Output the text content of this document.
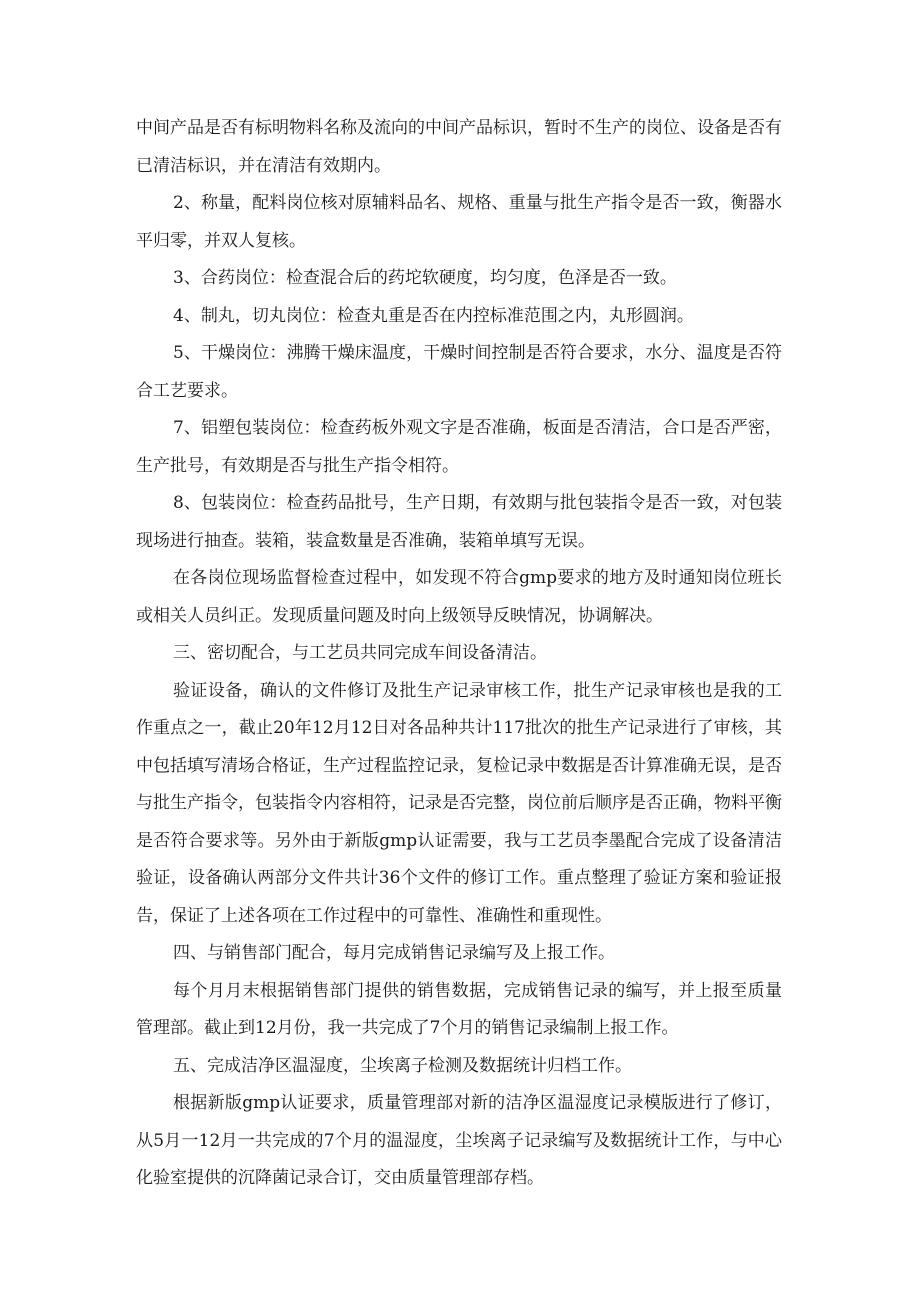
中间产品是否有标明物料名称及流向的中间产品标识，暂时不生产的岗位、设备是否有已清洁标识，并在清洁有效期内。

2、称量，配料岗位核对原辅料品名、规格、重量与批生产指令是否一致，衡器水平归零，并双人复核。

3、合药岗位：检查混合后的药坨软硬度，均匀度，色泽是否一致。

4、制丸，切丸岗位：检查丸重是否在内控标准范围之内，丸形圆润。

5、干燥岗位：沸腾干燥床温度，干燥时间控制是否符合要求，水分、温度是否符合工艺要求。

7、铝塑包装岗位：检查药板外观文字是否准确，板面是否清洁，合口是否严密，生产批号，有效期是否与批生产指令相符。

8、包装岗位：检查药品批号，生产日期，有效期与批包装指令是否一致，对包装现场进行抽查。装箱，装盒数量是否准确，装箱单填写无误。

在各岗位现场监督检查过程中，如发现不符合gmp要求的地方及时通知岗位班长或相关人员纠正。发现质量问题及时向上级领导反映情况，协调解决。

三、密切配合，与工艺员共同完成车间设备清洁。

验证设备，确认的文件修订及批生产记录审核工作，批生产记录审核也是我的工作重点之一，截止20年12月12日对各品种共计117批次的批生产记录进行了审核，其中包括填写清场合格证，生产过程监控记录，复检记录中数据是否计算准确无误，是否与批生产指令，包装指令内容相符，记录是否完整，岗位前后顺序是否正确，物料平衡是否符合要求等。另外由于新版gmp认证需要，我与工艺员李墨配合完成了设备清洁验证，设备确认两部分文件共计36个文件的修订工作。重点整理了验证方案和验证报告，保证了上述各项在工作过程中的可靠性、准确性和重现性。

四、与销售部门配合，每月完成销售记录编写及上报工作。

每个月月末根据销售部门提供的销售数据，完成销售记录的编写，并上报至质量管理部。截止到12月份，我一共完成了7个月的销售记录编制上报工作。

五、完成洁净区温湿度，尘埃离子检测及数据统计归档工作。

根据新版gmp认证要求，质量管理部对新的洁净区温湿度记录模版进行了修订，从5月一12月一共完成的7个月的温湿度，尘埃离子记录编写及数据统计工作，与中心化验室提供的沉降菌记录合订，交由质量管理部存档。
